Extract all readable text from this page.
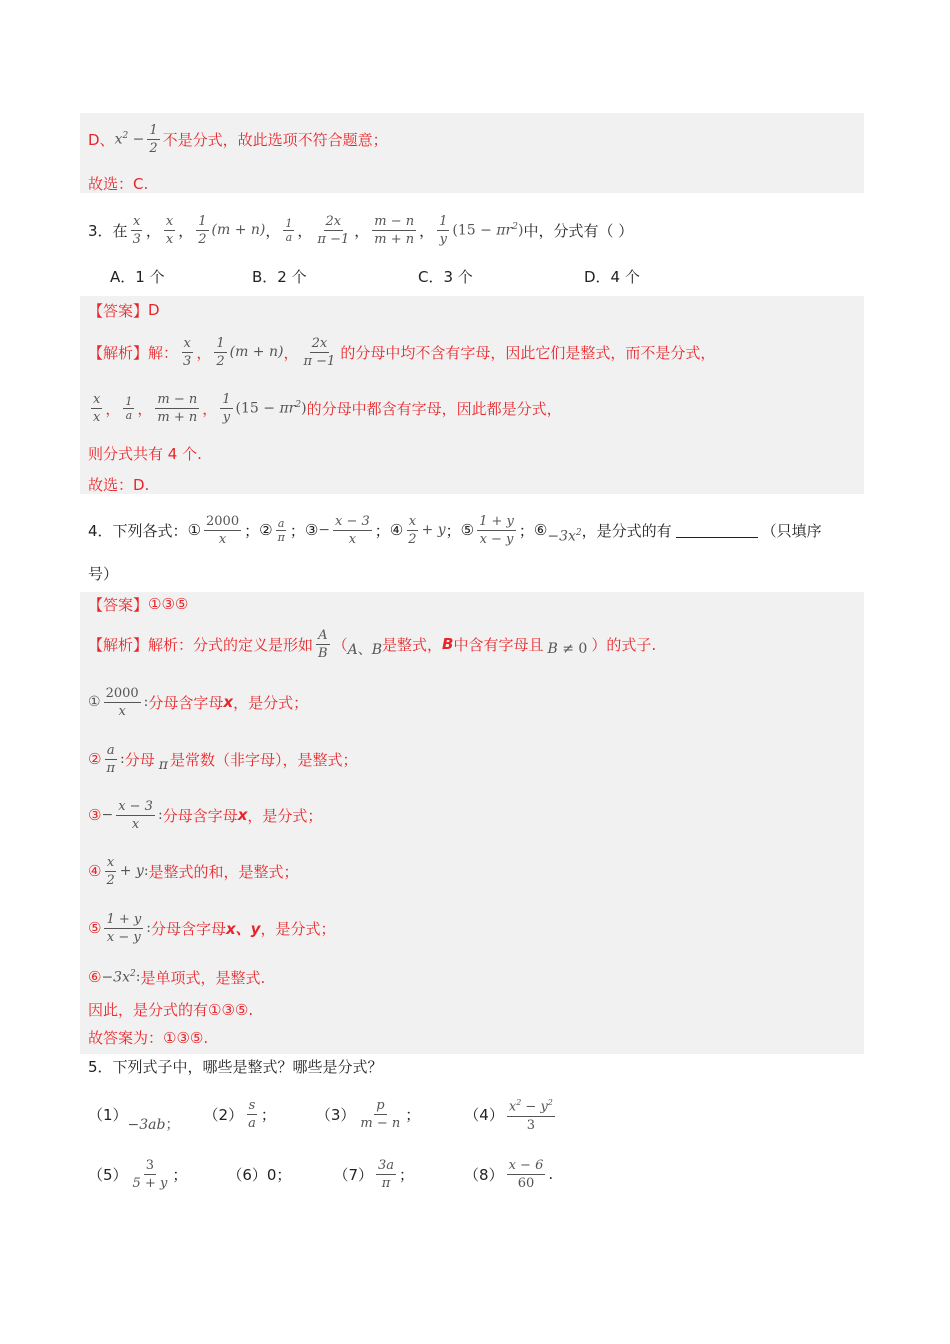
D、 $x^2 - \frac{1}{2}$ 不是分式，故此选项不符合题意；
故选：C.
3． 在 $\frac{x}{3}$ ， $\frac{x}{x}$ ， $\frac{1}{2} (m + n)$ ， $\frac{1}{a}$ ， $\frac{2x}{\pi -1}$ ， $\frac{m - n}{m + n}$ ， $\frac{1}{y} (15 - \pi r^2)$ 中，分式有（ ）
A．1 个	B．2 个	C．3 个	D．4 个
【答案】 D
【解析】 解： $\frac{x}{3}$ ， $\frac{1}{2} (m + n)$ ， $\frac{2x}{\pi -1}$ 的分母中均不含有字母，因此它们是整式，而不是分式，
$\frac{x}{x}$ ， $\frac{1}{a}$ ， $\frac{m - n}{m + n}$ ， $\frac{1}{y} (15 - \pi r^2)$ 的分母中都含有字母，因此都是分式，
则分式共有 4 个.
故选：D.
4． 下列各式： ① $\frac{2000}{x}$ ； ② $\frac{a}{\pi}$ ； ③ − $\frac{x - 3}{x}$ ； ④ $\frac{x}{2} + y$ ； ⑤ $\frac{1 + y}{x - y}$ ； ⑥ $-3x^2$ ，是分式的有	（只填序
号）
【答案】 ①③⑤
【解析】 解析：分式的定义是形如 $\frac{A}{B}$ （ A、B 是整式， B 中含有字母且 B ≠ 0 ）的式子.
① $\frac{2000}{x}$ : 分母含字母 x ，是分式；
② $\frac{a}{\pi}$ : 分母 π 是常数（非字母），是整式；
③ − $\frac{x - 3}{x}$ : 分母含字母 x ，是分式；
④ $\frac{x}{2} + y$ : 是整式的和，是整式；
⑤ $\frac{1 + y}{x - y}$ : 分母含字母 x、y ，是分式；
⑥ $-3x^2$ : 是单项式，是整式.
因此，是分式的有①③⑤.
故答案为：①③⑤.
5． 下列式子中，哪些是整式？哪些是分式？
（1）
−3ab；
$(2) \frac{s}{a}$ ；	$(3) \frac{p}{m - n}$ ；	$(4) \frac{x^2 - y^2}{3}$
$(5) \frac{3}{5 + y}$ ；	（6） 0；	$(7) \frac{3a}{\pi}$ ；	$(8) \frac{x - 6}{60}$ .
